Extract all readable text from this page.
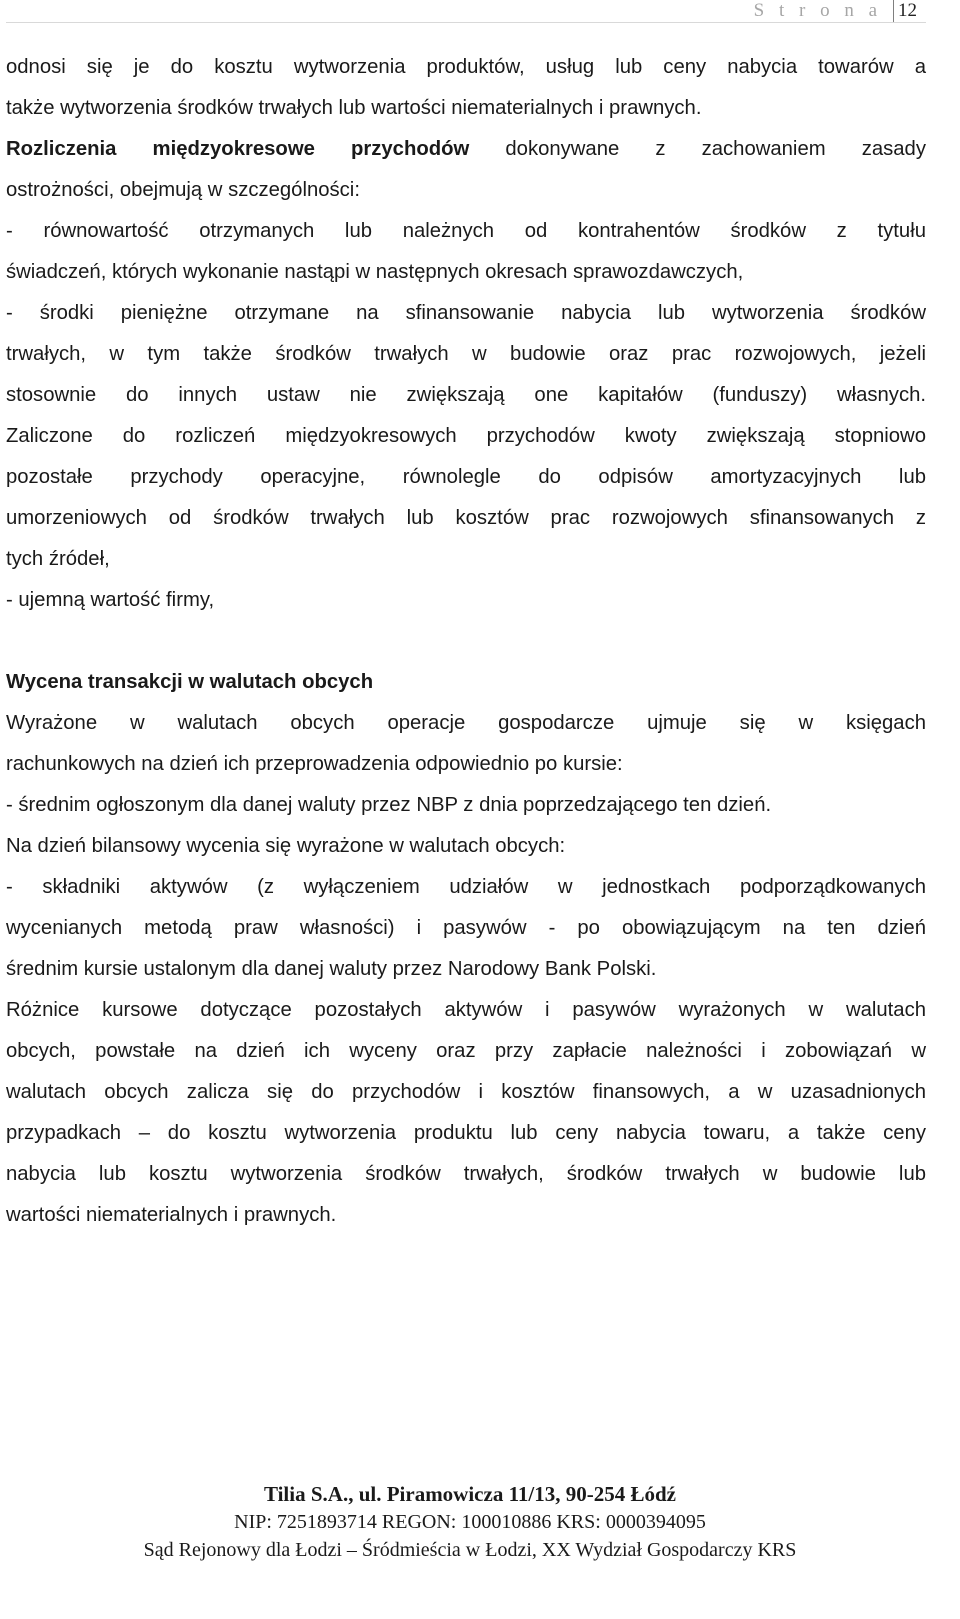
S t r o n a 12

odnosi się je do kosztu wytworzenia produktów, usług lub ceny nabycia towarów a

także wytworzenia środków trwałych lub wartości niematerialnych i prawnych.

Rozliczenia międzyokresowe przychodów dokonywane z zachowaniem zasady

ostrożności, obejmują w szczególności:

- równowartość otrzymanych lub należnych od kontrahentów środków z tytułu

świadczeń, których wykonanie nastąpi w następnych okresach sprawozdawczych,

- środki pieniężne otrzymane na sfinansowanie nabycia lub wytworzenia środków

trwałych, w tym także środków trwałych w budowie oraz prac rozwojowych, jeżeli

stosownie do innych ustaw nie zwiększają one kapitałów (funduszy) własnych.

Zaliczone do rozliczeń międzyokresowych przychodów kwoty zwiększają stopniowo

pozostałe przychody operacyjne, równolegle do odpisów amortyzacyjnych lub

umorzeniowych od środków trwałych lub kosztów prac rozwojowych sfinansowanych z

tych źródeł,

- ujemną wartość firmy,

Wycena transakcji w walutach obcych

Wyrażone w walutach obcych operacje gospodarcze ujmuje się w księgach

rachunkowych na dzień ich przeprowadzenia odpowiednio po kursie:

- średnim ogłoszonym dla danej waluty przez NBP z dnia poprzedzającego ten dzień.

Na dzień bilansowy wycenia się wyrażone w walutach obcych:

- składniki aktywów (z wyłączeniem udziałów w jednostkach podporządkowanych

wycenianych metodą praw własności) i pasywów - po obowiązującym na ten dzień

średnim kursie ustalonym dla danej waluty przez Narodowy Bank Polski.

Różnice kursowe dotyczące pozostałych aktywów i pasywów wyrażonych w walutach

obcych, powstałe na dzień ich wyceny oraz przy zapłacie należności i zobowiązań w

walutach obcych zalicza się do przychodów i kosztów finansowych, a w uzasadnionych

przypadkach – do kosztu wytworzenia produktu lub ceny nabycia towaru, a także ceny

nabycia lub kosztu wytworzenia środków trwałych, środków trwałych w budowie lub

wartości niematerialnych i prawnych.

Tilia S.A., ul. Piramowicza 11/13, 90-254 Łódź
NIP: 7251893714 REGON: 100010886 KRS: 0000394095
Sąd Rejonowy dla Łodzi – Śródmieścia w Łodzi, XX Wydział Gospodarczy KRS
